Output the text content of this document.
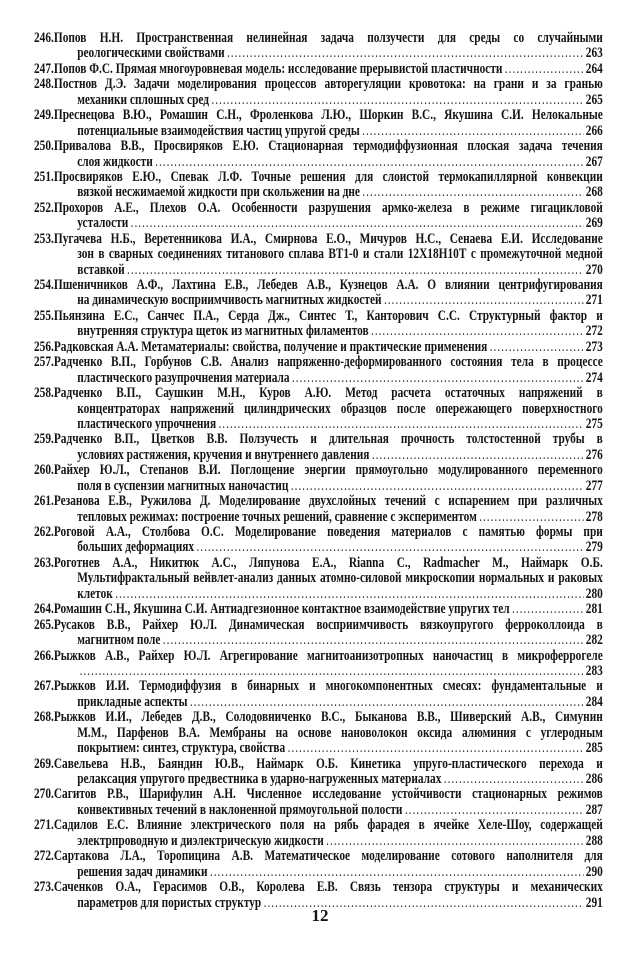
246.Попов Н.Н. Пространственная нелинейная задача ползучести для среды со случайными
реологическими свойствами .....	263
247.Попов Ф.С. Прямая многоуровневая модель: исследование прерывистой пластичности .....	264
248.Постнов Д.Э. Задачи моделирования процессов авторегуляции кровотока: на грани и за гранью
механики сплошных сред .....	265
249.Преснецова В.Ю., Ромашин С.Н., Фроленкова Л.Ю., Шоркин В.С., Якушина С.И. Нелокальные
потенциальные взаимодействия частиц упругой среды .....	266
250.Привалова В.В., Просвиряков Е.Ю. Стационарная термодиффузионная плоская задача течения
слоя жидкости .....	267
251.Просвиряков Е.Ю., Спевак Л.Ф. Точные решения для слоистой термокапиллярной конвекции
вязкой несжимаемой жидкости при скольжении на дне .....	268
252.Прохоров А.Е., Плехов О.А. Особенности разрушения армко-железа в режиме гигацикловой
усталости .....	269
253.Пугачева Н.Б., Веретенникова И.А., Смирнова Е.О., Мичуров Н.С., Сенаева Е.И. Исследование
зон в сварных соединениях титанового сплава ВТ1-0 и стали 12Х18Н10Т с промежуточной медной
вставкой .....	270
254.Пшеничников А.Ф., Лахтина Е.В., Лебедев А.В., Кузнецов А.А. О влиянии центрифугирования
на динамическую восприимчивость магнитных жидкостей .....	271
255.Пьянзина Е.С., Санчес П.А., Серда Дж., Синтес Т., Канторович С.С. Структурный фактор и
внутренняя структура щеток из магнитных филаментов .....	272
256.Радковская А.А. Метаматериалы: свойства, получение и практические применения .....	273
257.Радченко В.П., Горбунов С.В. Анализ напряженно-деформированного состояния тела в процессе
пластического разупрочнения материала .....	274
258.Радченко В.П., Саушкин М.Н., Куров А.Ю. Метод расчета остаточных напряжений в
концентраторах напряжений цилиндрических образцов после опережающего поверхностного
пластического упрочнения .....	275
259.Радченко В.П., Цветков В.В. Ползучесть и длительная прочность толстостенной трубы в
условиях растяжения, кручения и внутреннего давления .....	276
260.Райхер Ю.Л., Степанов В.И. Поглощение энергии прямоугольно модулированного переменного
поля в суспензии магнитных наночастиц .....	277
261.Резанова Е.В., Ружилова Д. Моделирование двухслойных течений с испарением при различных
тепловых режимах: построение точных решений, сравнение с экспериментом .....	278
262.Роговой А.А., Столбова О.С. Моделирование поведения материалов с памятью формы при
больших деформациях .....	279
263.Роготнев А.А., Никитюк А.С., Ляпунова Е.А., Rianna C., Radmacher M., Наймарк О.Б.
Мультифрактальный вейвлет-анализ данных атомно-силовой микроскопии нормальных и раковых
клеток .....	280
264.Ромашин С.Н., Якушина С.И. Антиадгезионное контактное взаимодействие упругих тел .....	281
265.Русаков В.В., Райхер Ю.Л. Динамическая восприимчивость вязкоупругого ферроколлоида в
магнитном поле .....	282
266.Рыжков А.В., Райхер Ю.Л. Агрегирование магнитоанизотропных наночастиц в микроферрогеле
.....
283
267.Рыжков И.И. Термодиффузия в бинарных и многокомпонентных смесях: фундаментальные и
прикладные аспекты .....	284
268.Рыжков И.И., Лебедев Д.В., Солодовниченко В.С., Быканова В.В., Шиверский А.В., Симунин
М.М., Парфенов В.А. Мембраны на основе нановолокон оксида алюминия с углеродным
покрытием: синтез, структура, свойства .....	285
269.Савельева Н.В., Баяндин Ю.В., Наймарк О.Б. Кинетика упруго-пластического перехода и
релаксация упругого предвестника в ударно-нагруженных материалах .....	286
270.Сагитов Р.В., Шарифулин А.Н. Численное исследование устойчивости стационарных режимов
конвективных течений в наклоненной прямоугольной полости .....	287
271.Садилов Е.С. Влияние электрического поля на рябь фарадея в ячейке Хеле-Шоу, содержащей
электрпроводную и диэлектрическую жидкости .....	288
272.Сартакова Л.А., Торопицина А.В. Математическое моделирование сотового наполнителя для
решения задач динамики .....	290
273.Саченков О.А., Герасимов О.В., Королева Е.В. Связь тензора структуры и механических
параметров для пористых структур .....	291
12
